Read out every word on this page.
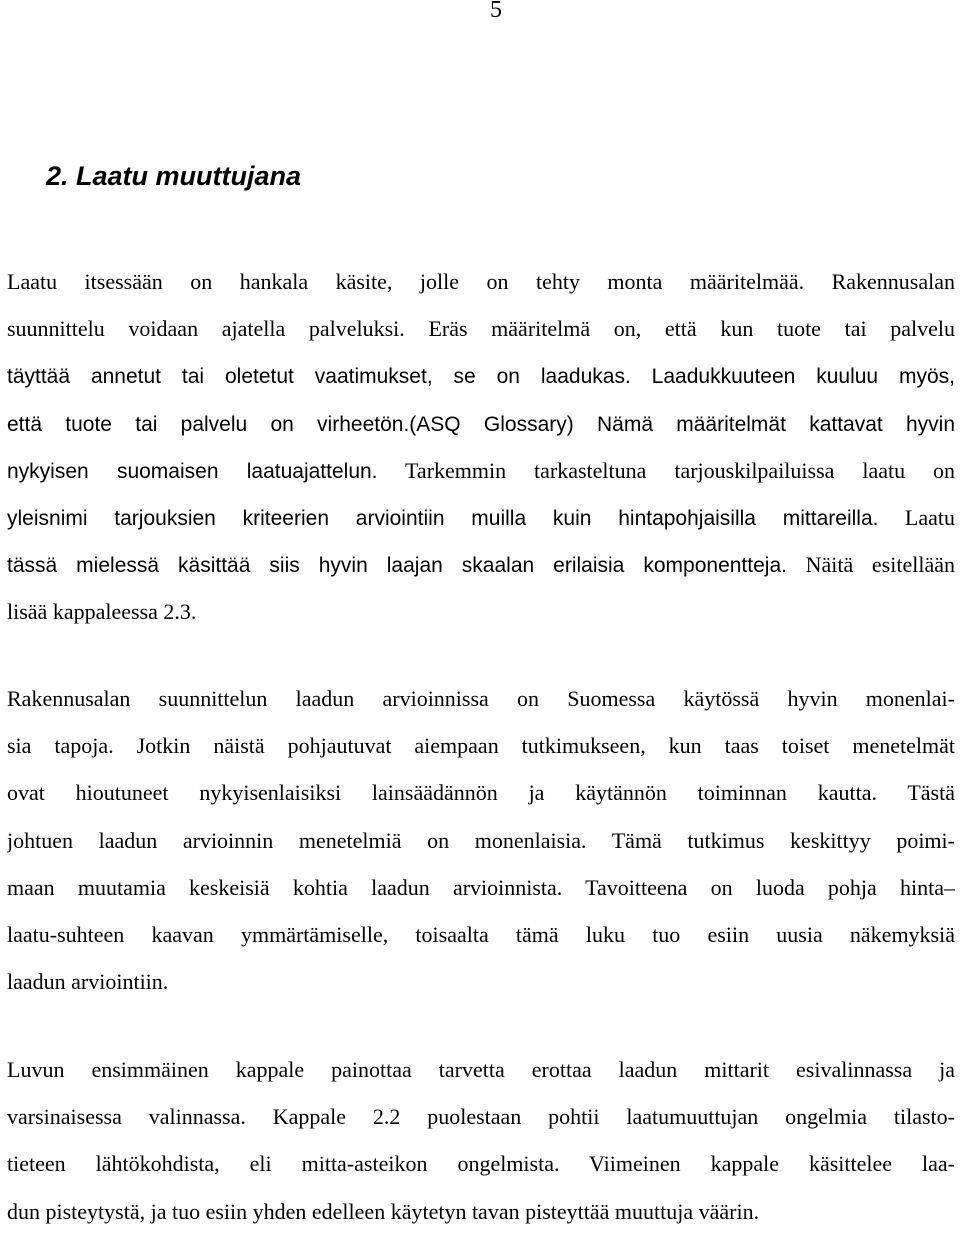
5
2. Laatu muuttujana
Laatu itsessään on hankala käsite, jolle on tehty monta määritelmää. Rakennusalan
suunnittelu voidaan ajatella palveluksi. Eräs määritelmä on, että kun tuote tai palvelu
täyttää annetut tai oletetut vaatimukset, se on laadukas. Laadukkuuteen kuuluu myös,
että tuote tai palvelu on virheetön.(ASQ Glossary) Nämä määritelmät kattavat hyvin
nykyisen suomaisen laatuajattelun. Tarkemmin tarkasteltuna tarjouskilpailuissa laatu on
yleisnimi tarjouksien kriteerien arviointiin muilla kuin hintapohjaisilla mittareilla. Laatu
tässä mielessä käsittää siis hyvin laajan skaalan erilaisia komponentteja. Näitä esitellään
lisää kappaleessa 2.3.
Rakennusalan suunnittelun laadun arvioinnissa on Suomessa käytössä hyvin monenlai-
sia tapoja. Jotkin näistä pohjautuvat aiempaan tutkimukseen, kun taas toiset menetelmät
ovat hioutuneet nykyisenlaisiksi lainsäädännön ja käytännön toiminnan kautta. Tästä
johtuen laadun arvioinnin menetelmiä on monenlaisia. Tämä tutkimus keskittyy poimi-
maan muutamia keskeisiä kohtia laadun arvioinnista. Tavoitteena on luoda pohja hinta–
laatu-suhteen kaavan ymmärtämiselle, toisaalta tämä luku tuo esiin uusia näkemyksiä
laadun arviointiin.
Luvun ensimmäinen kappale painottaa tarvetta erottaa laadun mittarit esivalinnassa ja
varsinaisessa valinnassa. Kappale 2.2 puolestaan pohtii laatumuuttujan ongelmia tilasto-
tieteen lähtökohdista, eli mitta-asteikon ongelmista. Viimeinen kappale käsittelee laa-
dun pisteytystä, ja tuo esiin yhden edelleen käytetyn tavan pisteyttää muuttuja väärin.
